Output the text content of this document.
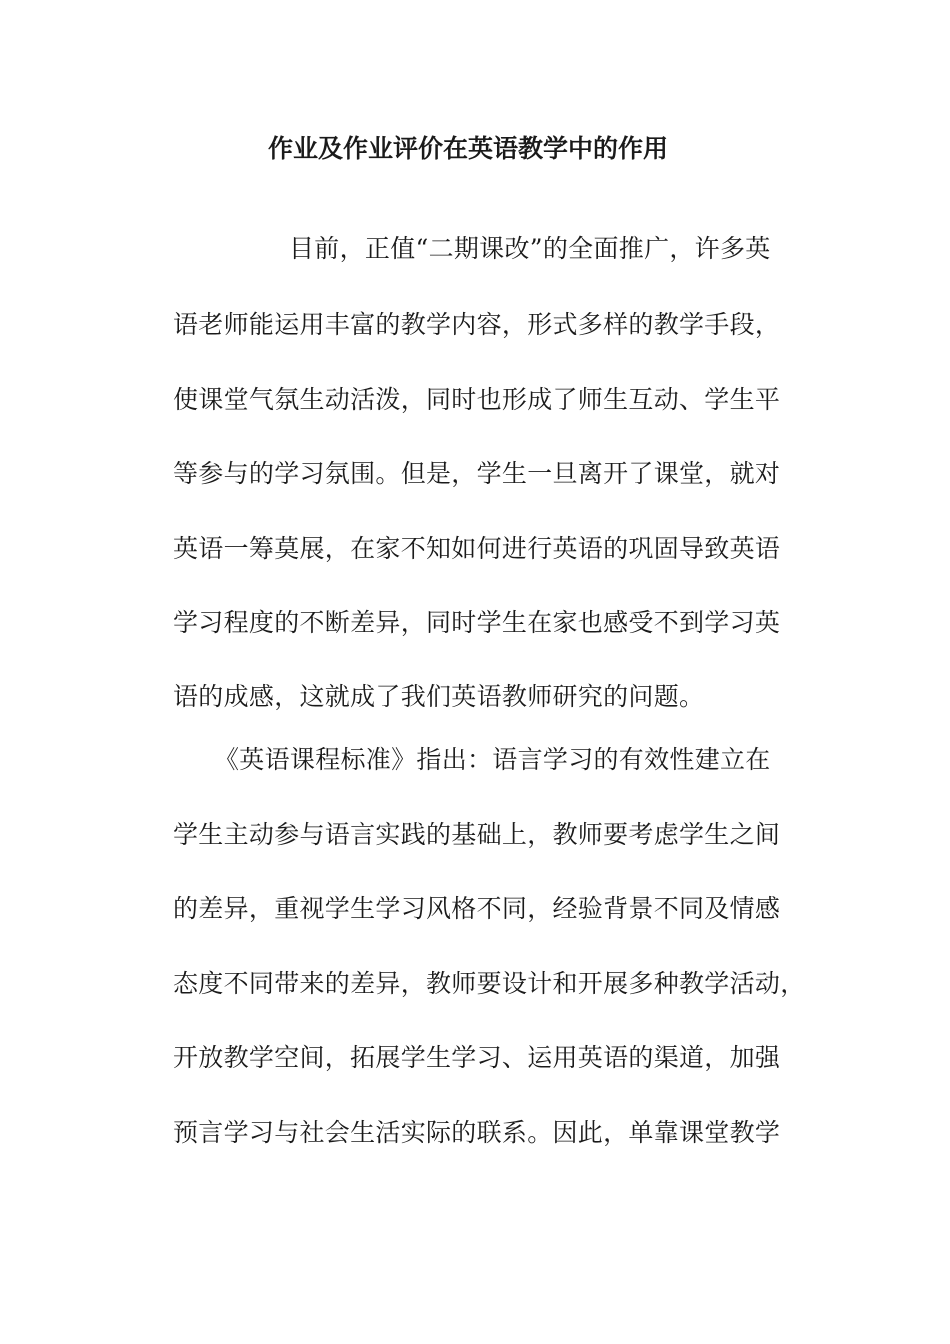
作业及作业评价在英语教学中的作用
目前，正值“二期课改”的全面推广，许多英
语老师能运用丰富的教学内容，形式多样的教学手段，
使课堂气氛生动活泼，同时也形成了师生互动、学生平
等参与的学习氛围。但是，学生一旦离开了课堂，就对
英语一筹莫展，在家不知如何进行英语的巩固导致英语
学习程度的不断差异，同时学生在家也感受不到学习英
语的成感，这就成了我们英语教师研究的问题。
《英语课程标准》指出：语言学习的有效性建立在
学生主动参与语言实践的基础上，教师要考虑学生之间
的差异，重视学生学习风格不同，经验背景不同及情感
态度不同带来的差异，教师要设计和开展多种教学活动，
开放教学空间，拓展学生学习、运用英语的渠道，加强
预言学习与社会生活实际的联系。因此，单靠课堂教学
